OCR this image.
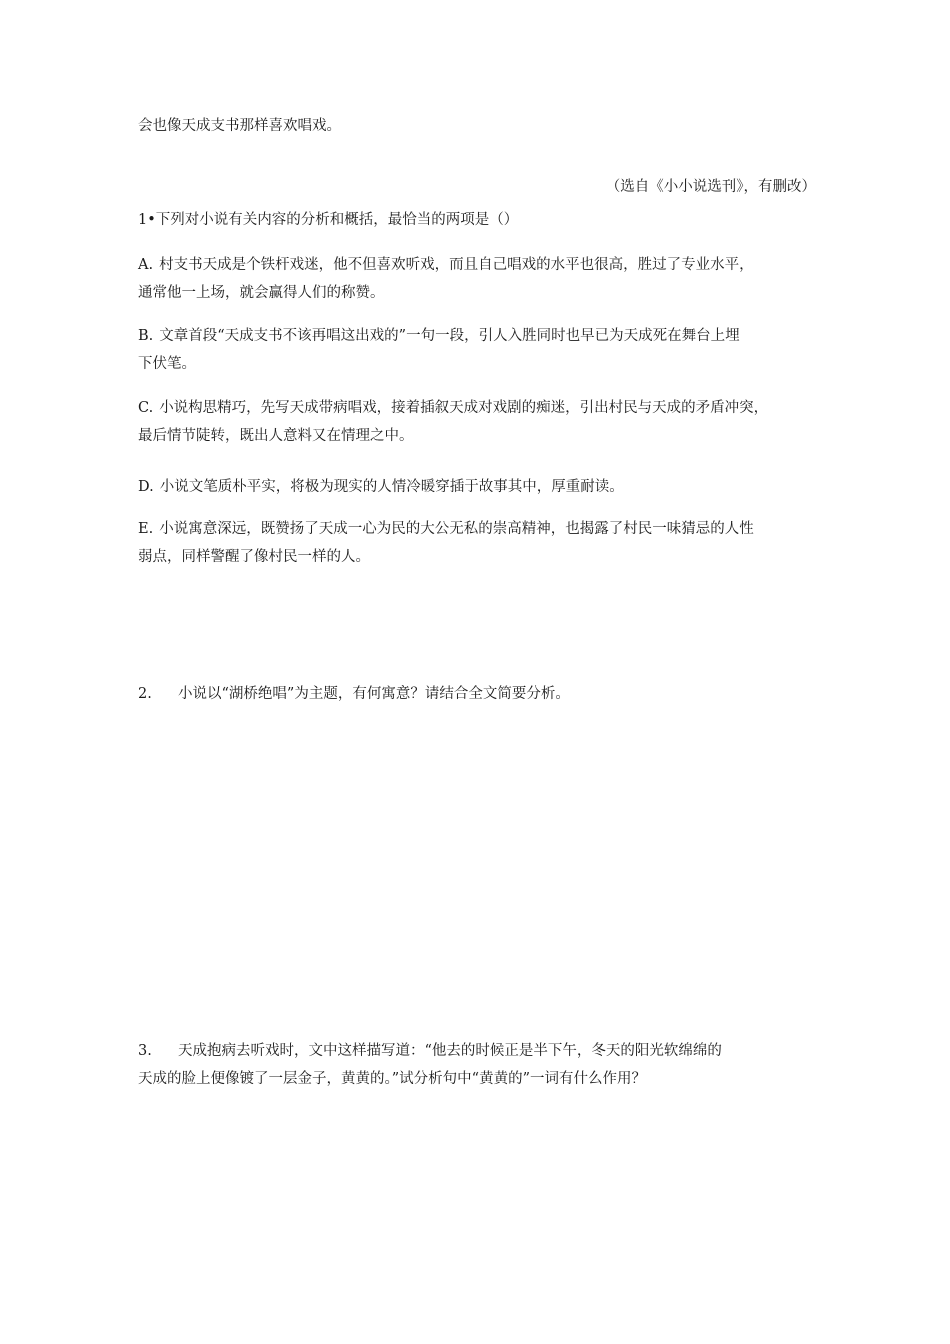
会也像天成支书那样喜欢唱戏。

（选自《小小说选刊》，有删改）

1•下列对小说有关内容的分析和概括，最恰当的两项是（）

A. 村支书天成是个铁杆戏迷，他不但喜欢听戏，而且自己唱戏的水平也很高，胜过了专业水平，
通常他一上场，就会赢得人们的称赞。
B. 文章首段“天成支书不该再唱这出戏的”一句一段，引人入胜同时也早已为天成死在舞台上埋
下伏笔。
C. 小说构思精巧，先写天成带病唱戏，接着插叙天成对戏剧的痴迷，引出村民与天成的矛盾冲突，
最后情节陡转，既出人意料又在情理之中。
D. 小说文笔质朴平实，将极为现实的人情冷暖穿插于故事其中，厚重耐读。
E. 小说寓意深远，既赞扬了天成一心为民的大公无私的崇高精神，也揭露了村民一味猜忌的人性
弱点，同样警醒了像村民一样的人。

2. 小说以“湖桥绝唱”为主题，有何寓意？请结合全文简要分析。

3. 天成抱病去听戏时，文中这样描写道：“他去的时候正是半下午，冬天的阳光软绵绵的
天成的脸上便像镀了一层金子，黄黄的。”试分析句中“黄黄的”一词有什么作用？
